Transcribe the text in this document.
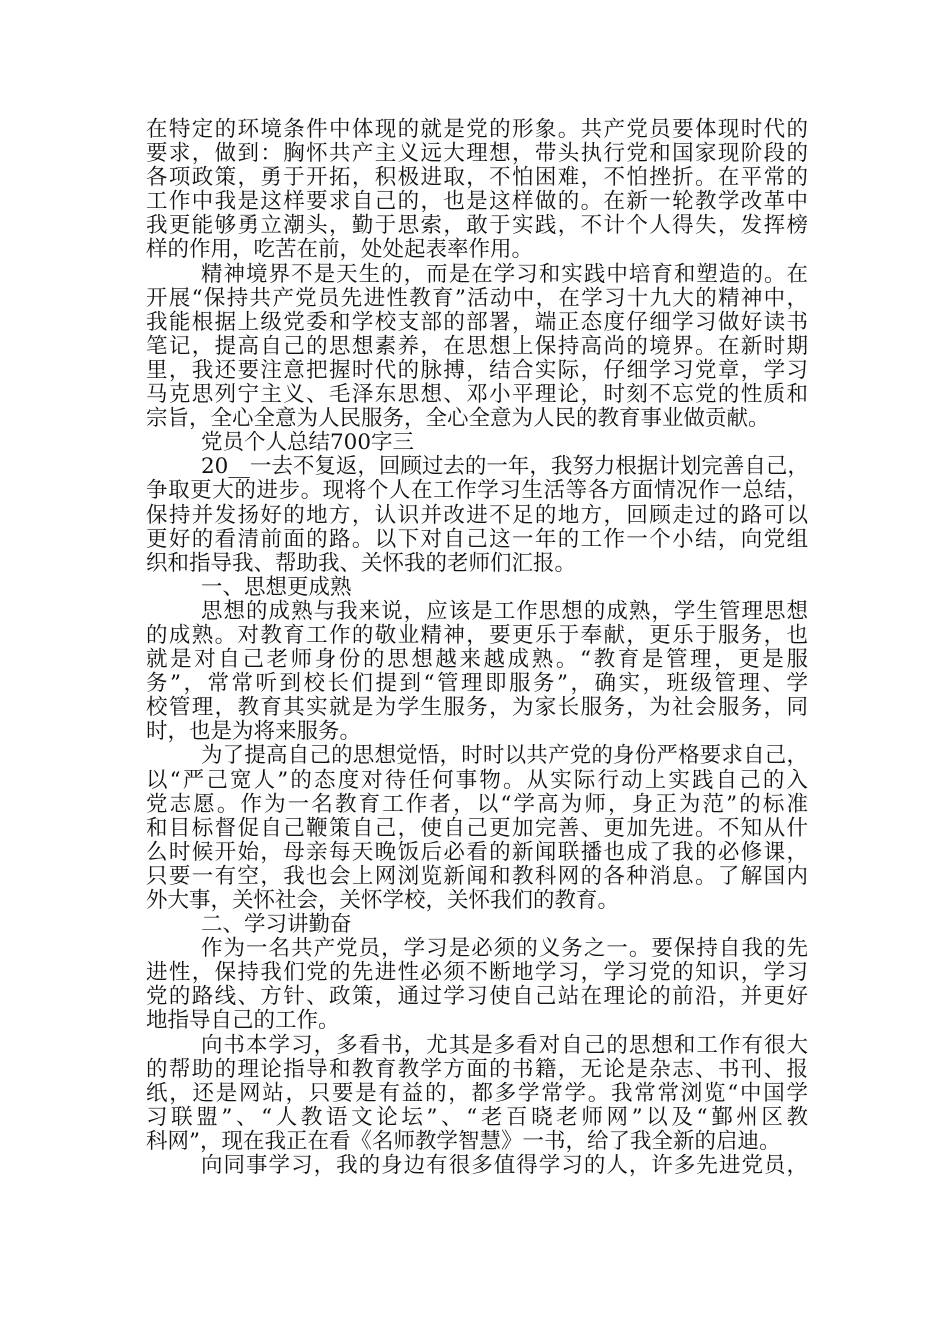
在特定的环境条件中体现的就是党的形象。共产党员要体现时代的
要求，做到：胸怀共产主义远大理想，带头执行党和国家现阶段的
各项政策，勇于开拓，积极进取，不怕困难，不怕挫折。在平常的
工作中我是这样要求自己的，也是这样做的。在新一轮教学改革中
我更能够勇立潮头，勤于思索，敢于实践，不计个人得失，发挥榜
样的作用，吃苦在前，处处起表率作用。
精神境界不是天生的，而是在学习和实践中培育和塑造的。在
开展“保持共产党员先进性教育”活动中，在学习十九大的精神中，
我能根据上级党委和学校支部的部署，端正态度仔细学习做好读书
笔记，提高自己的思想素养，在思想上保持高尚的境界。在新时期
里，我还要注意把握时代的脉搏，结合实际，仔细学习党章，学习
马克思列宁主义、毛泽东思想、邓小平理论，时刻不忘党的性质和
宗旨，全心全意为人民服务，全心全意为人民的教育事业做贡献。
党员个人总结700字三
20__一去不复返，回顾过去的一年，我努力根据计划完善自己，
争取更大的进步。现将个人在工作学习生活等各方面情况作一总结，
保持并发扬好的地方，认识并改进不足的地方，回顾走过的路可以
更好的看清前面的路。以下对自己这一年的工作一个小结，向党组
织和指导我、帮助我、关怀我的老师们汇报。
一、思想更成熟
思想的成熟与我来说，应该是工作思想的成熟，学生管理思想
的成熟。对教育工作的敬业精神，要更乐于奉献，更乐于服务，也
就是对自己老师身份的思想越来越成熟。“教育是管理，更是服
务”，常常听到校长们提到“管理即服务”，确实，班级管理、学
校管理，教育其实就是为学生服务，为家长服务，为社会服务，同
时，也是为将来服务。
为了提高自己的思想觉悟，时时以共产党的身份严格要求自己，
以“严己宽人”的态度对待任何事物。从实际行动上实践自己的入
党志愿。作为一名教育工作者，以“学高为师，身正为范”的标准
和目标督促自己鞭策自己，使自己更加完善、更加先进。不知从什
么时候开始，母亲每天晚饭后必看的新闻联播也成了我的必修课，
只要一有空，我也会上网浏览新闻和教科网的各种消息。了解国内
外大事，关怀社会，关怀学校，关怀我们的教育。
二、学习讲勤奋
作为一名共产党员，学习是必须的义务之一。要保持自我的先
进性，保持我们党的先进性必须不断地学习，学习党的知识，学习
党的路线、方针、政策，通过学习使自己站在理论的前沿，并更好
地指导自己的工作。
向书本学习，多看书，尤其是多看对自己的思想和工作有很大
的帮助的理论指导和教育教学方面的书籍，无论是杂志、书刊、报
纸，还是网站，只要是有益的，都多学常学。我常常浏览“中国学
习联盟”、“人教语文论坛”、“老百晓老师网”以及“鄞州区教
科网”，现在我正在看《名师教学智慧》一书，给了我全新的启迪。
向同事学习，我的身边有很多值得学习的人，许多先进党员，
